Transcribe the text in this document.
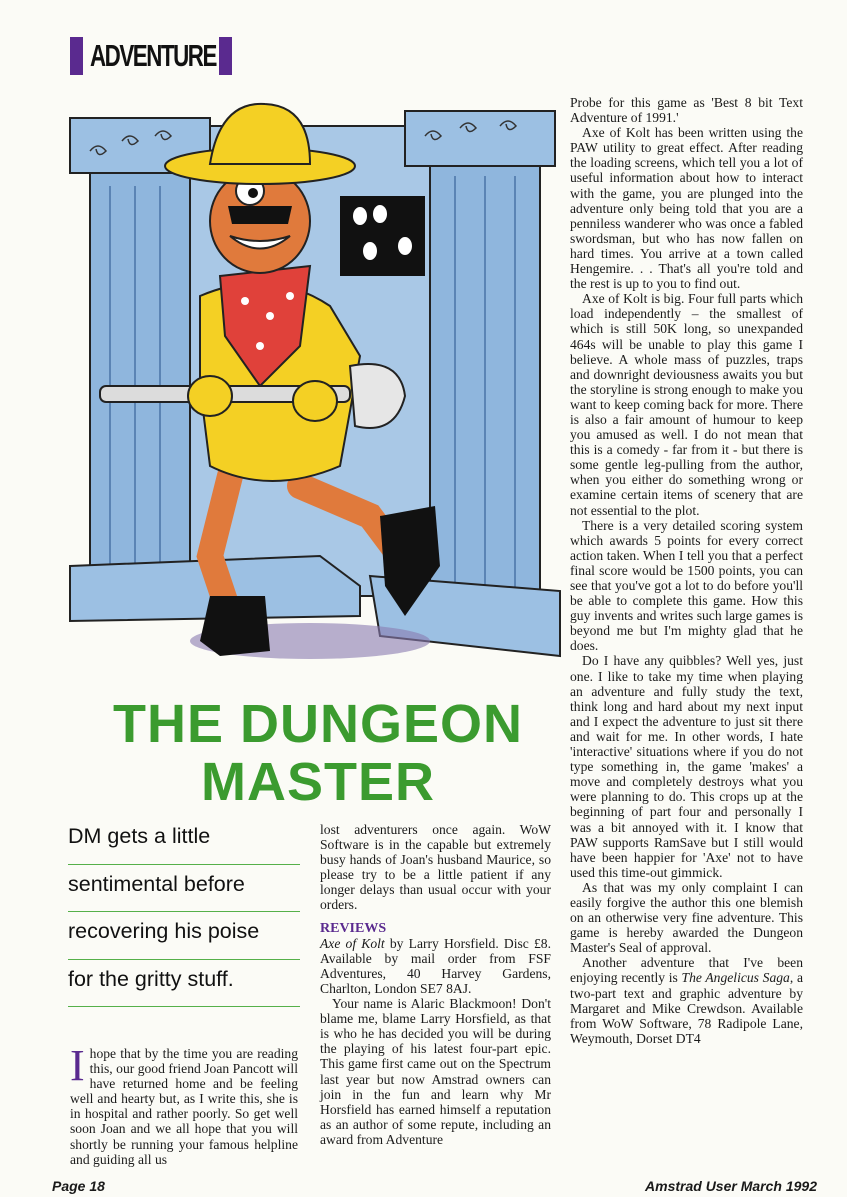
ADVENTURE
THE DUNGEON
MASTER
DM gets a little
sentimental before
recovering his poise
for the gritty stuff.

Ihope that by the time you are reading this, our good friend Joan Pancott will have returned home and be feeling well and hearty but, as I write this, she is in hospital and rather poorly. So get well soon Joan and we all hope that you will shortly be running your famous helpline and guiding all us

lost adventurers once again. WoW Software is in the capable but extremely busy hands of Joan's husband Maurice, so please try to be a little patient if any longer delays than usual occur with your orders.

REVIEWS

Axe of Kolt by Larry Horsfield. Disc £8. Available by mail order from FSF Adventures, 40 Harvey Gardens, Charlton, London SE7 8AJ.

Your name is Alaric Blackmoon! Don't blame me, blame Larry Horsfield, as that is who he has decided you will be during the playing of his latest four-part epic. This game first came out on the Spectrum last year but now Amstrad owners can join in the fun and learn why Mr Horsfield has earned himself a reputation as an author of some repute, including an award from Adventure

Probe for this game as 'Best 8 bit Text Adventure of 1991.'

Axe of Kolt has been written using the PAW utility to great effect. After reading the loading screens, which tell you a lot of useful information about how to interact with the game, you are plunged into the adventure only being told that you are a penniless wanderer who was once a fabled swordsman, but who has now fallen on hard times. You arrive at a town called Hengemire. . . That's all you're told and the rest is up to you to find out.

Axe of Kolt is big. Four full parts which load independently – the smallest of which is still 50K long, so unexpanded 464s will be unable to play this game I believe. A whole mass of puzzles, traps and downright deviousness awaits you but the storyline is strong enough to make you want to keep coming back for more. There is also a fair amount of humour to keep you amused as well. I do not mean that this is a comedy - far from it - but there is some gentle leg-pulling from the author, when you either do something wrong or examine certain items of scenery that are not essential to the plot.

There is a very detailed scoring system which awards 5 points for every correct action taken. When I tell you that a perfect final score would be 1500 points, you can see that you've got a lot to do before you'll be able to complete this game. How this guy invents and writes such large games is beyond me but I'm mighty glad that he does.

Do I have any quibbles? Well yes, just one. I like to take my time when playing an adventure and fully study the text, think long and hard about my next input and I expect the adventure to just sit there and wait for me. In other words, I hate 'interactive' situations where if you do not type something in, the game 'makes' a move and completely destroys what you were planning to do. This crops up at the beginning of part four and personally I was a bit annoyed with it. I know that PAW supports RamSave but I still would have been happier for 'Axe' not to have used this time-out gimmick.

As that was my only complaint I can easily forgive the author this one blemish on an otherwise very fine adventure. This game is hereby awarded the Dungeon Master's Seal of approval.

Another adventure that I've been enjoying recently is The Angelicus Saga, a two-part text and graphic adventure by Margaret and Mike Crewdson. Available from WoW Software, 78 Radipole Lane, Weymouth, Dorset DT4

Page 18	Amstrad User March 1992
